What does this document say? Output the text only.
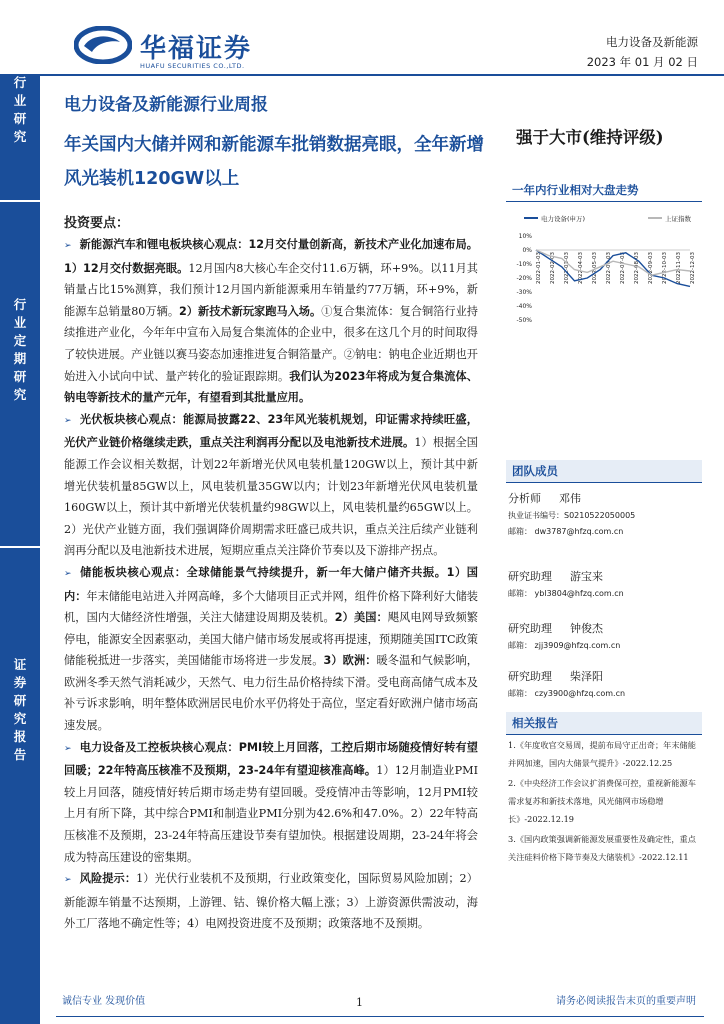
华福证券
HUAFU SECURITIES CO.,LTD.
电力设备及新能源
2023 年 01 月 02 日
行
业
研
究
行
业
定
期
研
究
证
券
研
究
报
告
电力设备及新能源行业周报
年关国内大储并网和新能源车批销数据亮眼，全年新增风光装机120GW以上
强于大市(维持评级)
投资要点：

➢ 新能源汽车和锂电板块核心观点：12月交付量创新高，新技术产业化加速布局。1）12月交付数据亮眼。12月国内8大核心车企交付11.6万辆，环+9%。以11月其销量占比15%测算，我们预计12月国内新能源乘用车销量约77万辆，环+9%，新能源车总销量80万辆。2）新技术新玩家跑马入场。①复合集流体：复合铜箔行业持续推进产业化，今年年中宣布入局复合集流体的企业中，很多在这几个月的时间取得了较快进展。产业链以赛马姿态加速推进复合铜箔量产。②钠电：钠电企业近期也开始进入小试向中试、量产转化的验证跟踪期。我们认为2023年将成为复合集流体、钠电等新技术的量产元年，有望看到其批量应用。

➢ 光伏板块核心观点：能源局披露22、23年风光装机规划，印证需求持续旺盛，光伏产业链价格继续走跌，重点关注利润再分配以及电池新技术进展。1）根据全国能源工作会议相关数据，计划22年新增光伏风电装机量120GW以上，预计其中新增光伏装机量85GW以上，风电装机量35GW以内；计划23年新增光伏风电装机量160GW以上，预计其中新增光伏装机量约98GW以上，风电装机量约65GW以上。2）光伏产业链方面，我们强调降价周期需求旺盛已成共识，重点关注后续产业链利润再分配以及电池新技术进展，短期应重点关注降价节奏以及下游排产拐点。

➢ 储能板块核心观点：全球储能景气持续提升，新一年大储户储齐共振。1）国内：年末储能电站进入并网高峰，多个大储项目正式并网，组件价格下降利好大储装机，国内大储经济性增强，关注大储建设周期及装机。2）美国：飓风电网导致频繁停电，能源安全因素驱动，美国大储户储市场发展或将再提速，预期随美国ITC政策储能税抵进一步落实，美国储能市场将进一步发展。3）欧洲：暖冬温和气候影响，欧洲冬季天然气消耗减少，天然气、电力衍生品价格持续下滑。受电商高储气成本及补亏诉求影响，明年整体欧洲居民电价水平仍将处于高位，坚定看好欧洲户储市场高速发展。

➢ 电力设备及工控板块核心观点：PMI较上月回落，工控后期市场随疫情好转有望回暖；22年特高压核准不及预期，23-24年有望迎核准高峰。1）12月制造业PMI较上月回落，随疫情好转后期市场走势有望回暖。受疫情冲击等影响，12月PMI较上月有所下降，其中综合PMI和制造业PMI分别为42.6%和47.0%。2）22年特高压核准不及预期，23-24年特高压建设节奏有望加快。根据建设周期，23-24年将会成为特高压建设的密集期。

➢ 风险提示：1）光伏行业装机不及预期，行业政策变化，国际贸易风险加剧；2）新能源车销量不达预期，上游锂、钴、镍价格大幅上涨；3）上游资源供需波动，海外工厂落地不确定性等；4）电网投资进度不及预期；政策落地不及预期。

一年内行业相对大盘走势
电力设备(申万)	上证指数
10%
0%
-10%
-20%
-30%
-40%
-50%
2022-01-03 2022-02-03 2022-03-03 2022-04-03 2022-05-03 2022-06-03 2022-07-03 2022-08-03 2022-09-03 2022-10-03 2022-11-03 2022-12-03
团队成员
分析师 邓伟
执业证书编号：S0210522050005
邮箱： dw3787@hfzq.com.cn
研究助理 游宝来
邮箱： ybl3804@hfzq.com.cn
研究助理 钟俊杰
邮箱： zjj3909@hfzq.com.cn
研究助理 柴泽阳
邮箱： czy3900@hfzq.com.cn
相关报告
1.《年度收官交易周，提前布局守正出奇；年末储能并网加速，国内大储景气提升》-2022.12.25
2.《中央经济工作会议扩消费保可控，重视新能源车需求复苏和新技术落地，风光储网市场稳增长》-2022.12.19
3.《国内政策强调新能源发展重要性及确定性，重点关注硅料价格下降节奏及大储装机》-2022.12.11
诚信专业 发现价值	1	请务必阅读报告末页的重要声明
